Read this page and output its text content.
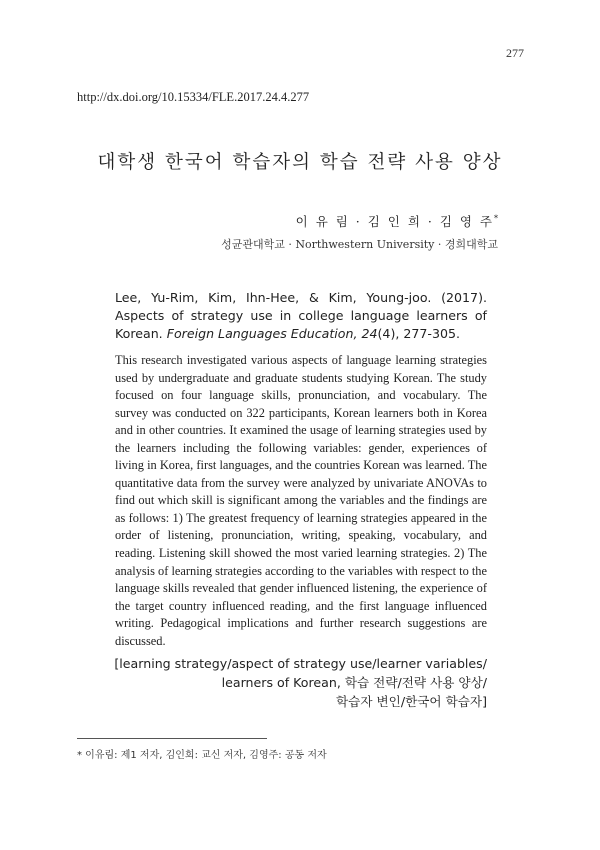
277
http://dx.doi.org/10.15334/FLE.2017.24.4.277
대학생 한국어 학습자의 학습 전략 사용 양상
이 유 림 · 김 인 희 · 김 영 주*
성균관대학교 · Northwestern University · 경희대학교
Lee, Yu-Rim, Kim, Ihn-Hee, & Kim, Young-joo. (2017). Aspects of strategy use in college language learners of Korean. Foreign Languages Education, 24(4), 277-305.
This research investigated various aspects of language learning strategies used by undergraduate and graduate students studying Korean. The study focused on four language skills, pronunciation, and vocabulary. The survey was conducted on 322 participants, Korean learners both in Korea and in other countries. It examined the usage of learning strategies used by the learners including the following variables: gender, experiences of living in Korea, first languages, and the countries Korean was learned. The quantitative data from the survey were analyzed by univariate ANOVAs to find out which skill is significant among the variables and the findings are as follows: 1) The greatest frequency of learning strategies appeared in the order of listening, pronunciation, writing, speaking, vocabulary, and reading. Listening skill showed the most varied learning strategies. 2) The analysis of learning strategies according to the variables with respect to the language skills revealed that gender influenced listening, the experience of the target country influenced reading, and the first language influenced writing. Pedagogical implications and further research suggestions are discussed.
[learning strategy/aspect of strategy use/learner variables/
learners of Korean, 학습 전략/전략 사용 양상/
학습자 변인/한국어 학습자]
* 이유림: 제1 저자, 김인희: 교신 저자, 김영주: 공동 저자
